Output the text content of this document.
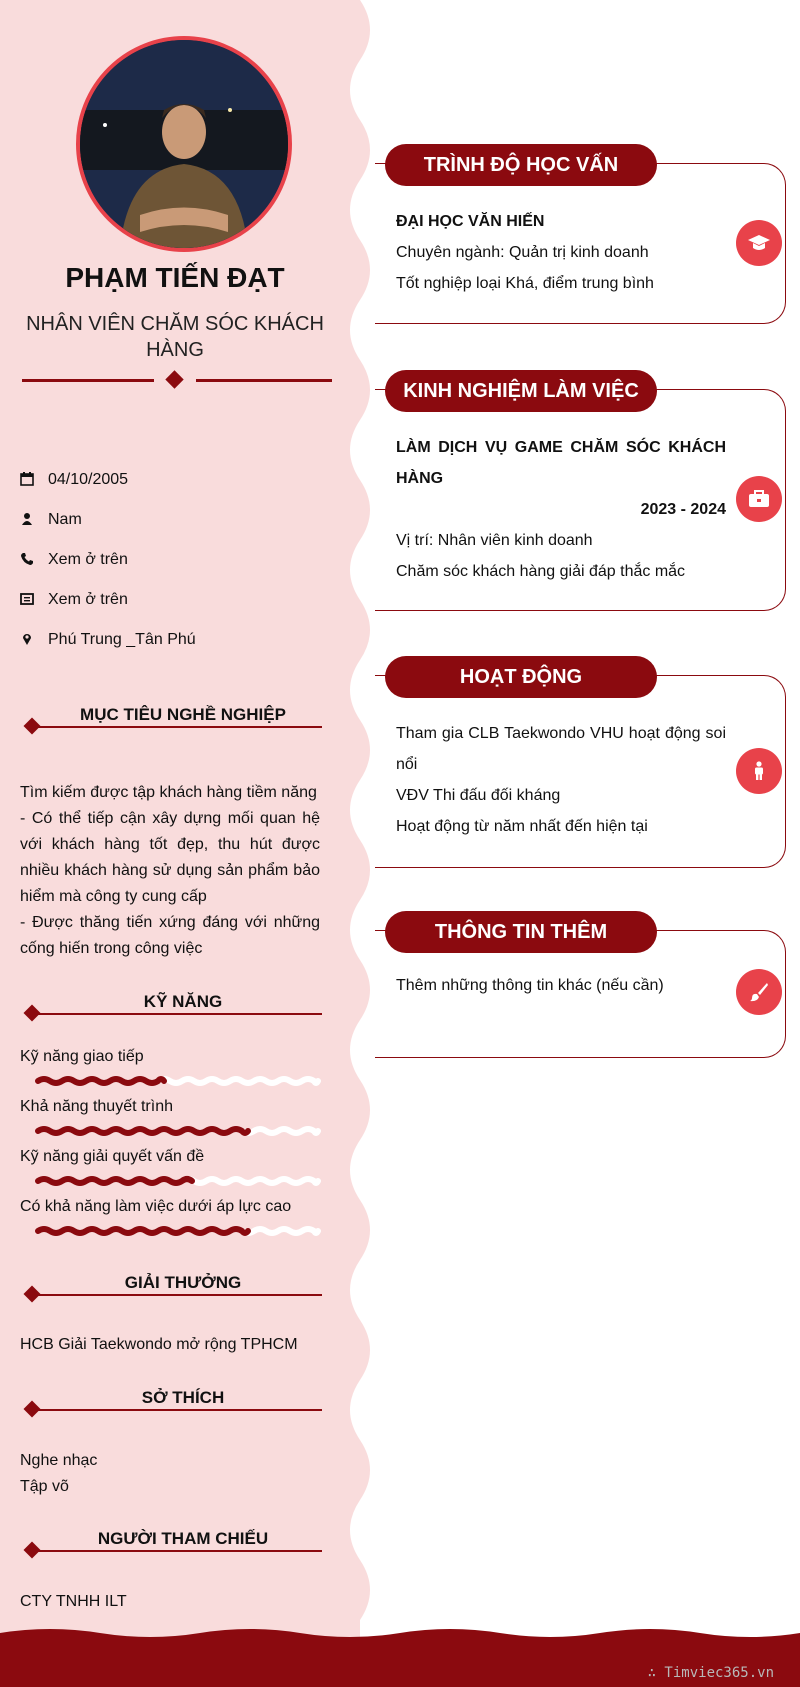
∴ Timviec365.vn
PHẠM TIẾN ĐẠT
NHÂN VIÊN CHĂM SÓC KHÁCH HÀNG
04/10/2005
Nam
Xem ở trên
Xem ở trên
Phú Trung _Tân Phú
MỤC TIÊU NGHỀ NGHIỆP

Tìm kiếm được tập khách hàng tiềm năng

- Có thể tiếp cận xây dựng mối quan hệ với khách hàng tốt đẹp, thu hút được nhiều khách hàng sử dụng sản phẩm bảo hiểm mà công ty cung cấp

- Được thăng tiến xứng đáng với những cống hiến trong công việc

KỸ NĂNG
Kỹ năng giao tiếp
Khả năng thuyết trình
Kỹ năng giải quyết vấn đề
Có khả năng làm việc dưới áp lực cao
GIẢI THƯỞNG
HCB Giải Taekwondo mở rộng TPHCM
SỞ THÍCH
Nghe nhạc
Tập võ
NGƯỜI THAM CHIẾU
CTY TNHH ILT
TRÌNH ĐỘ HỌC VẤN

ĐẠI HỌC VĂN HIẾN

Chuyên ngành: Quản trị kinh doanh

Tốt nghiệp loại Khá, điểm trung bình

KINH NGHIỆM LÀM VIỆC

LÀM DỊCH VỤ GAME CHĂM SÓC KHÁCH HÀNG

2023 - 2024

Vị trí: Nhân viên kinh doanh

Chăm sóc khách hàng giải đáp thắc mắc

HOẠT ĐỘNG

Tham gia CLB Taekwondo VHU hoạt động soi nổi

VĐV Thi đấu đối kháng

Hoạt động từ năm nhất đến hiện tại

THÔNG TIN THÊM

Thêm những thông tin khác (nếu cần)
